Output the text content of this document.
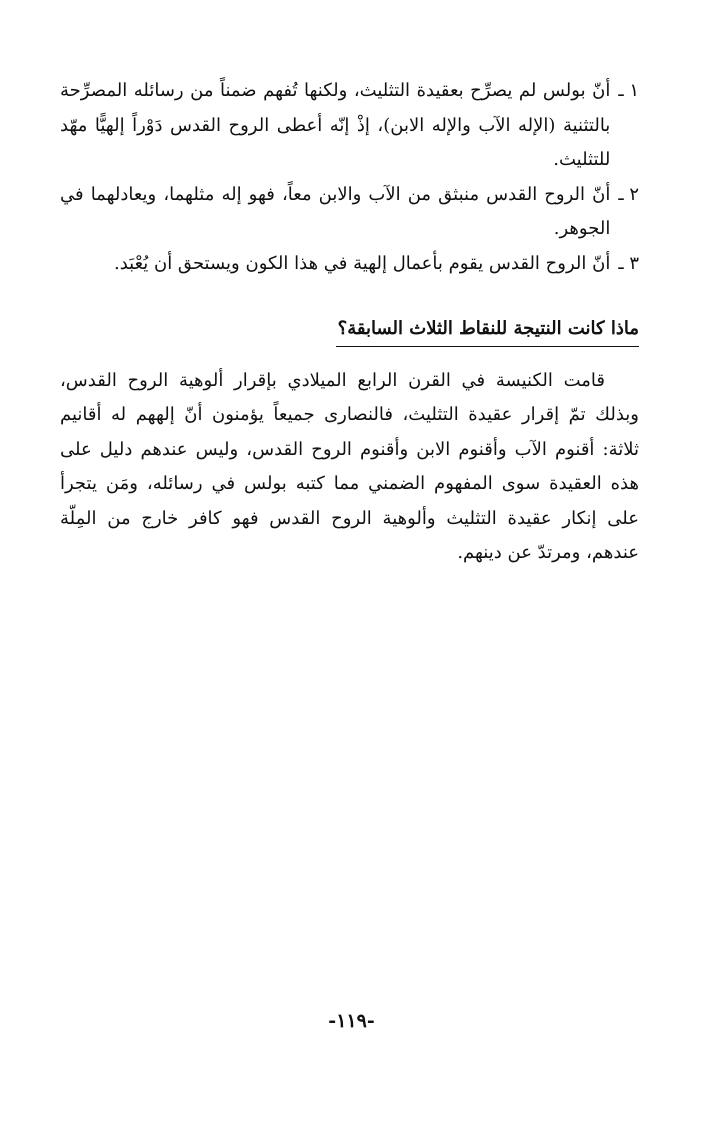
١ ـ
أنّ بولس لم يصرِّح بعقيدة التثليث، ولكنها تُفهم ضمناً من رسائله المصرِّحة بالتثنية (الإله الآب والإله الابن)، إذْ إنّه أعطى الروح القدس دَوْراً إلهيًّا مهّد للتثليث.
٢ ـ
أنّ الروح القدس منبثق من الآب والابن معاً، فهو إله مثلهما، ويعادلهما في الجوهر.
٣ ـ
أنّ الروح القدس يقوم بأعمال إلهية في هذا الكون ويستحق أن يُعْبَد.
ماذا كانت النتيجة للنقاط الثلاث السابقة؟

قامت الكنيسة في القرن الرابع الميلادي بإقرار ألوهية الروح القدس، وبذلك تمّ إقرار عقيدة التثليث، فالنصارى جميعاً يؤمنون أنّ إلههم له أقانيم ثلاثة: أقنوم الآب وأقنوم الابن وأقنوم الروح القدس، وليس عندهم دليل على هذه العقيدة سوى المفهوم الضمني مما كتبه بولس في رسائله، ومَن يتجرأ على إنكار عقيدة التثليث وألوهية الروح القدس فهو كافر خارج من المِلّة عندهم، ومرتدّ عن دينهم.

-١١٩-
